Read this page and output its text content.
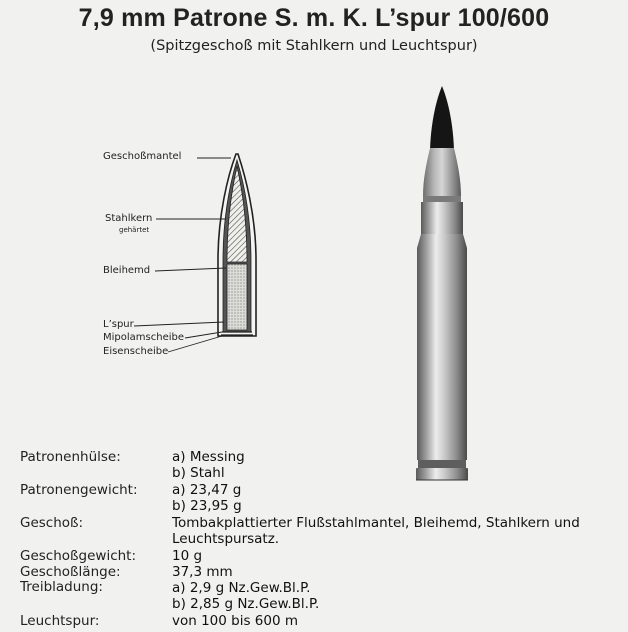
7,9 mm Patrone S. m. K. L’spur 100/600
(Spitzgeschoß mit Stahlkern und Leuchtspur)
Geschoßmantel
Stahlkern
gehärtet
Bleihemd
L’spur
Mipolamscheibe
Eisenscheibe
Patronenhülse:	a) Messing
b) Stahl
Patronengewicht:	a) 23,47 g
b) 23,95 g
Geschoß:	Tombakplattierter Flußstahlmantel, Bleihemd, Stahlkern und
Leuchtspursatz.
Geschoßgewicht:	10 g
Geschoßlänge:	37,3 mm
Treibladung:	a) 2,9 g Nz.Gew.Bl.P.
b) 2,85 g Nz.Gew.Bl.P.
Leuchtspur:	von 100 bis 600 m
